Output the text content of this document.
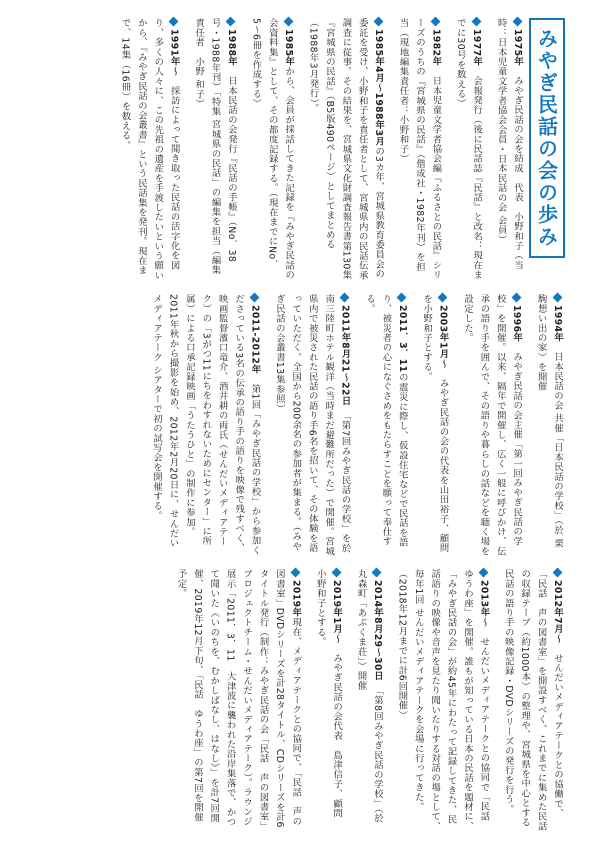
みやぎ民話の会の歩み
1975年　みやぎ民話の会を結成　代表　小野和子（当時：日本児童文学者協会会員・日本民話の会 会員）
1977年　会報発行（後に民話誌『民話』と改名：現在までに30号を数える）
1982年　日本児童文学者協会編『ふるさとの民話』シリーズのうちの『宮城県の民話』（偕成社・1982年刊）を担当（現地編集責任者：小野和子）
1985年4月〜1988年3月の3カ年、宮城県教育委員会の委託を受け、小野和子を責任者として、宮城県内の民話伝承調査に従事。その結果を、宮城県文化財調査報告書第130集『宮城県の民話』（B5版490ページ）としてまとめる（1988年3月発行）。
1985年から、会員が採話してきた記録を『みやぎ民話の会資料集』として、その都度記録する。（現在までにNo．5〜6冊を作成する）
1988年　日本民話の会発行『民話の手帳』（No．38号・1988年刊）「特集 宮城県の民話」の編集を担当（編集責任者　小野 和子）
1991年〜　採訪によって聞き取った民話の活字化を図り、多くの人々に、この先祖の遺産を手渡したいという願いから、『みやぎ民話の会叢書』という民話集を発刊。現在まで、14集（16冊）を数える。
1994年　日本民話の会 共催「日本民話の学校」（於 栗駒想い出の家）を開催
1996年　みやぎ民話の会主催「第一回みやぎ民話の学校」を開催。以来、隔年で開催し、広く一般に呼びかけ、伝承の語り手を囲んで、その語りや暮らしの話などを聴く場を設定した。
2003年1月〜　みやぎ民話の会の代表を山田裕子、顧問を小野和子とする。
2011．3．11の震災に際し、仮設住宅などで民話を語り、被災者の心になぐさめをもたらすことを願って奉仕する。
2011年8月21〜22日　「第7回みやぎ民話の学校」を於 南三陸町ホテル観洋（当時まだ避難所だった）で開催。宮城県内で被災された民話の語り手6名を招いて、その体験を語っていただく。全国から200余名の参加者が集まる。（みやぎ民話の会叢書13集参照）
2011-2012年　第1回「みやぎ民話の学校」から参加くださっている3名の伝承の語り手の語りを映像で残すべく、映画監督濱口竜介、酒井耕の両氏（せんだいメディアテーク）の「3がつ11にちをわすれないためにセンター」に所属）による口承記録映画「うたうひと」の制作に参加。2011年秋から撮影を始め、2012年2月20日に、せんだいメディアテーク シアターで初の試写会を開催する。
2012年7月〜　せんだいメディアテークとの協働で、「民話　声の図書室」を開設すべく、これまでに集めた民話の収録テープ（約1000本）の整理や、宮城県を中心とする民話の語り手の映像記録・DVDシリーズの発行を行う。
2013年〜　せんだいメディアテークとの協同で「民話　ゆうわ座」を開催。誰もが知っている日本の民話を題材に、「みやぎ民話の会」が約45年にわたって記録してきた、民話語りの映像や音声を見たり聞いたりする対話の場として、毎年1回 せんだいメディアテークを会場に行ってきた。（2018年12月までに計6回開催）
2014年8月29〜30日　「第8回みやぎ民話の学校」（於丸森町「あぶくま荘」）開催
2019年1月〜　みやぎ民話の会代表　島津信子、顧問 小野和子とする。
2019年現在、メディアテークとの協同で、「民話　声の図書室」DVDシリーズを計28タイトル、CDシリーズを計6タイトル発行（制作：みやぎ民話の会「民話　声の図書室」プロジェクトチーム・せんだいメディアテーク）。ラウンジ展示「2011．3．11　大津波に襲われた沿岸集落で、かつて聞いた《いのちを、むかしばなし、はなし》」を計7回開催、2019年12月下旬、「民話　ゆうわ座」の第7回を開催予定。
